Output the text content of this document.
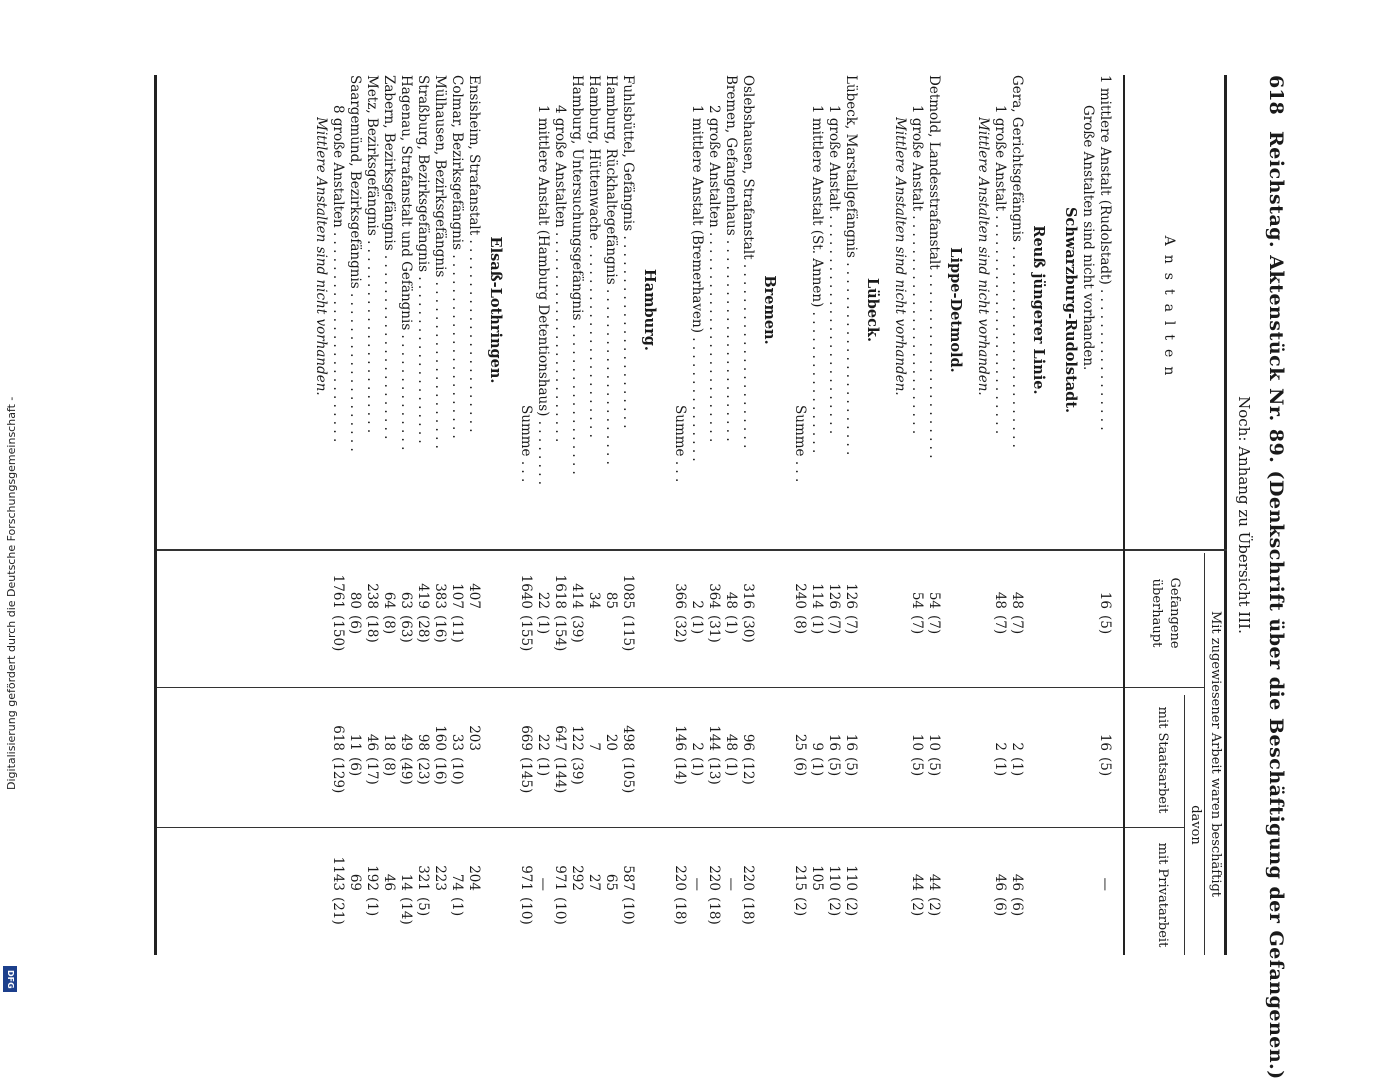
618
Reichstag. Aktenstück Nr. 89. (Denkschrift über die Beschäftigung der Gefangenen.)
Noch: Anhang zu Übersicht III.
Anstalten
Mit zugewiesener Arbeit waren beschäftigt
Gefangene überhaupt
davon
mit Staatsarbeit
mit Privatarbeit
1 mittlere Anstalt (Rudolstadt) . . . . . . . . . . . . . . . . .
16
(5)
16
(5)
—
Große Anstalten sind nicht vorhanden.
Schwarzburg-Rudolstadt.
Reuß jüngerer Linie.
Gera, Gerichtsgefängnis . . . . . . . . . . . . . . . . . . . . . . . .
48
(7)
2
(1)
46
(6)
1 große Anstalt . . . . . . . . . . . . . . . . . . . . . . . . . .
48
(7)
2
(1)
46
(6)
Mittlere Anstalten sind nicht vorhanden.
Lippe-Detmold.
Detmold, Landesstrafanstalt . . . . . . . . . . . . . . . . . . . . . .
54
(7)
10
(5)
44
(2)
1 große Anstalt . . . . . . . . . . . . . . . . . . . . . . . . . .
54
(7)
10
(5)
44
(2)
Mittlere Anstalten sind nicht vorhanden.
Lübeck.
Lübeck, Marstallgefängnis . . . . . . . . . . . . . . . . . . . . . . .
126
(7)
16
(5)
110
(2)
1 große Anstalt . . . . . . . . . . . . . . . . . . . . . . . . . .
126
(7)
16
(5)
110
(2)
1 mittlere Anstalt (St. Annen) . . . . . . . . . . . . . . . . .
114
(1)
9
(1)
105
Summe . . .
240
(8)
25
(6)
215
(2)
Bremen.
Oslebshausen, Strafanstalt . . . . . . . . . . . . . . . . . . . . . .
316
(30)
96
(12)
220
(18)
Bremen, Gefangenhaus . . . . . . . . . . . . . . . . . . . . . . . .
48
(1)
48
(1)
—
2 große Anstalten . . . . . . . . . . . . . . . . . . . . . . . . .
364
(31)
144
(13)
220
(18)
1 mittlere Anstalt (Bremerhaven) . . . . . . . . . . . . . . .
2
(1)
2
(1)
—
Summe . . .
366
(32)
146
(14)
220
(18)
Hamburg.
Fuhlsbüttel, Gefängnis . . . . . . . . . . . . . . . . . . . . . . .
1085
(115)
498
(105)
587
(10)
Hamburg, Rückhaltegefängnis . . . . . . . . . . . . . . . . . . . . .
85
20
65
Hamburg, Hüttenwache . . . . . . . . . . . . . . . . . . . . . . .
34
7
27
Hamburg, Untersuchungsgefängnis . . . . . . . . . . . . . . . . . .
414
(39)
122
(39)
292
4 große Anstalten . . . . . . . . . . . . . . . . . . . . . . . . .
1618
(154)
647
(144)
971
(10)
1 mittlere Anstalt (Hamburg Detentionshaus) . . . . . . . .
22
(1)
22
(1)
—
Summe . . .
1640
(155)
669
(145)
971
(10)
Elsaß-Lothringen.
Ensisheim, Strafanstalt . . . . . . . . . . . . . . . . . . . . . . .
407
203
204
Colmar, Bezirksgefängnis . . . . . . . . . . . . . . . . . . . . . .
107
(11)
33
(10)
74
(1)
Mülhausen, Bezirksgefängnis . . . . . . . . . . . . . . . . . . . .
383
(16)
160
(16)
223
Straßburg, Bezirksgefängnis . . . . . . . . . . . . . . . . . . . .
419
(28)
98
(23)
321
(5)
Hagenau, Strafanstalt und Gefängnis . . . . . . . . . . . . . .
63
(63)
49
(49)
14
(14)
Zabern, Bezirksgefängnis . . . . . . . . . . . . . . . . . . . . . .
64
(8)
18
(8)
46
Metz, Bezirksgefängnis . . . . . . . . . . . . . . . . . . . . . . .
238
(18)
46
(17)
192
(1)
Saargemünd, Bezirksgefängnis . . . . . . . . . . . . . . . . . . .
80
(6)
11
(6)
69
8 große Anstalten . . . . . . . . . . . . . . . . . . . . . . . . .
1761
(150)
618
(129)
1143
(21)
Mittlere Anstalten sind nicht vorhanden.
Digitalisierung gefördert durch die Deutsche Forschungsgemeinschaft -
DFG
